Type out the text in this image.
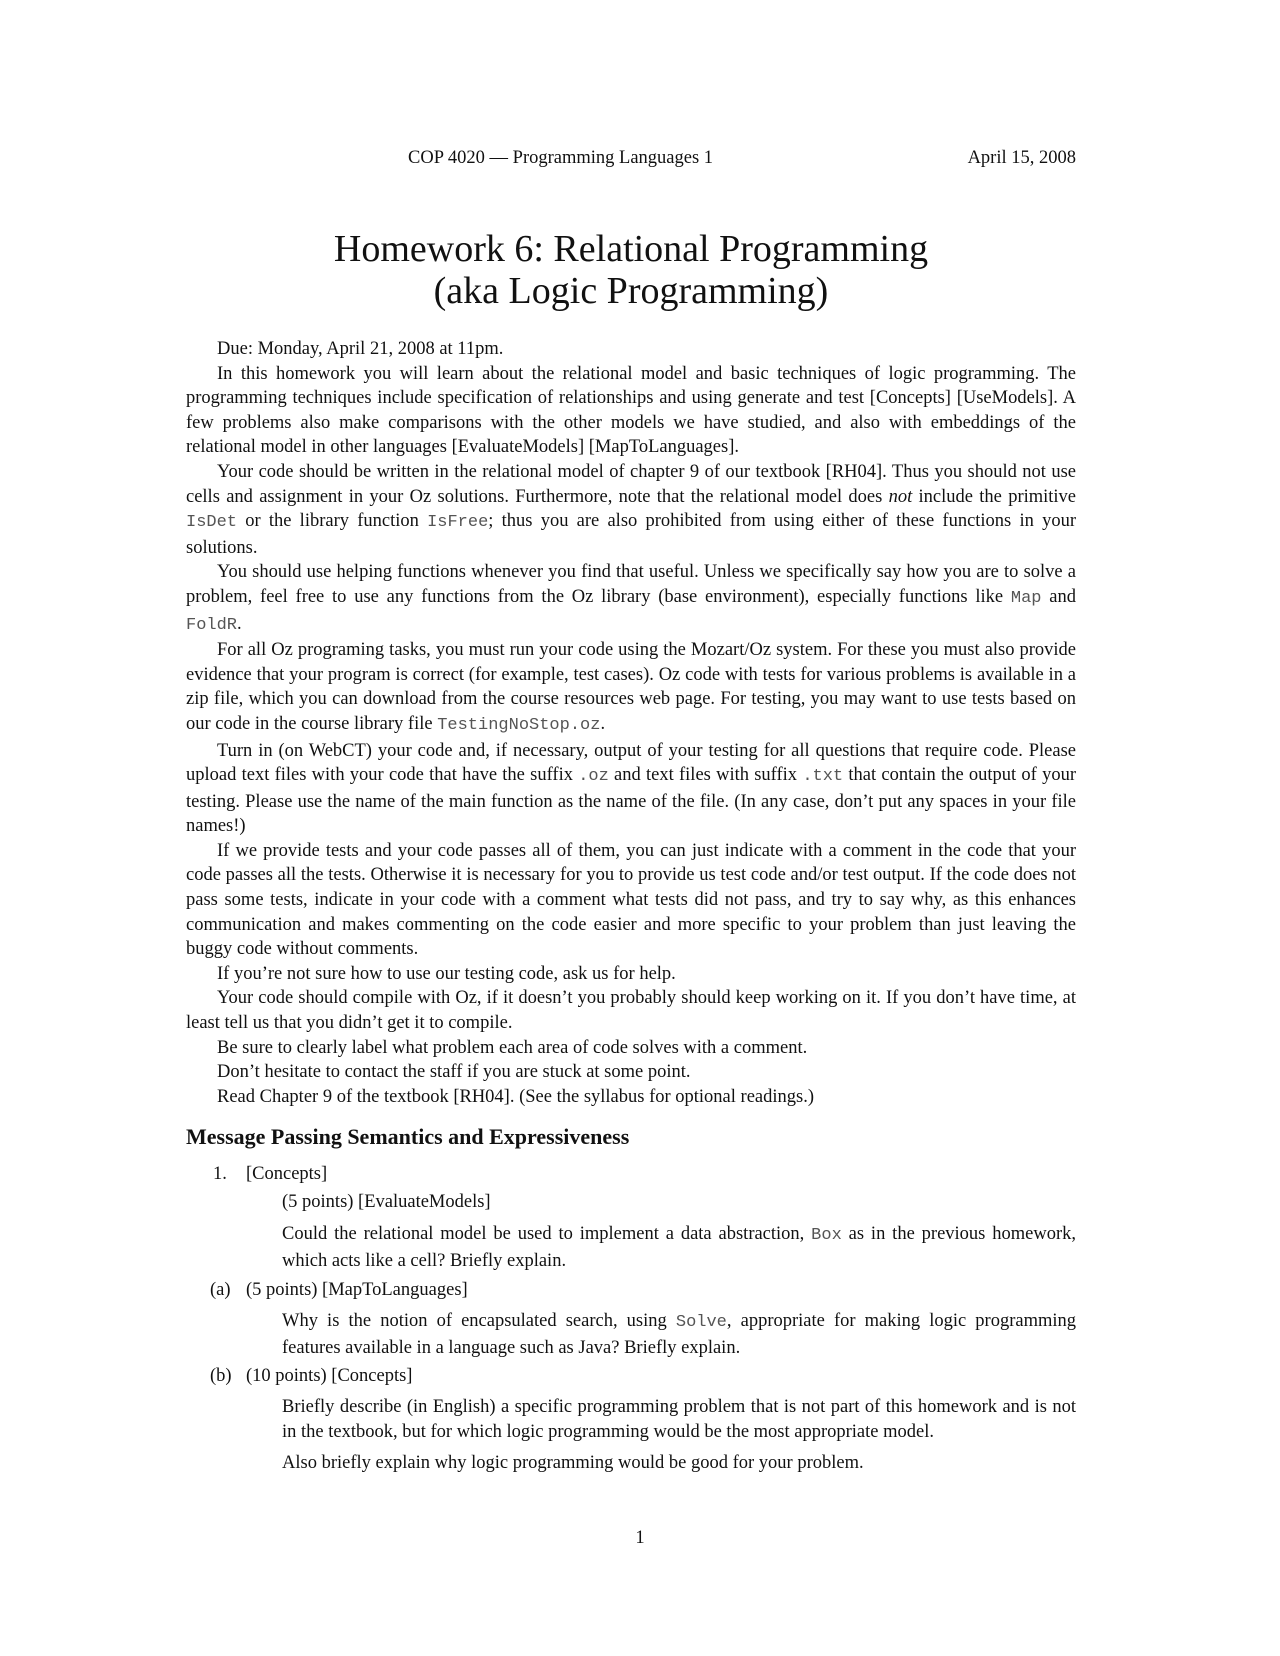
COP 4020 — Programming Languages 1	April 15, 2008
Homework 6: Relational Programming
(aka Logic Programming)

Due: Monday, April 21, 2008 at 11pm.

In this homework you will learn about the relational model and basic techniques of logic programming. The programming techniques include specification of relationships and using generate and test [Concepts] [UseModels]. A few problems also make comparisons with the other models we have studied, and also with embeddings of the relational model in other languages [EvaluateModels] [MapToLanguages].

Your code should be written in the relational model of chapter 9 of our textbook [RH04]. Thus you should not use cells and assignment in your Oz solutions. Furthermore, note that the relational model does not include the primitive IsDet or the library function IsFree; thus you are also prohibited from using either of these functions in your solutions.

You should use helping functions whenever you find that useful. Unless we specifically say how you are to solve a problem, feel free to use any functions from the Oz library (base environment), especially functions like Map and FoldR.

For all Oz programing tasks, you must run your code using the Mozart/Oz system. For these you must also provide evidence that your program is correct (for example, test cases). Oz code with tests for various problems is available in a zip file, which you can download from the course resources web page. For testing, you may want to use tests based on our code in the course library file TestingNoStop.oz.

Turn in (on WebCT) your code and, if necessary, output of your testing for all questions that require code. Please upload text files with your code that have the suffix .oz and text files with suffix .txt that contain the output of your testing. Please use the name of the main function as the name of the file. (In any case, don’t put any spaces in your file names!)

If we provide tests and your code passes all of them, you can just indicate with a comment in the code that your code passes all the tests. Otherwise it is necessary for you to provide us test code and/or test output. If the code does not pass some tests, indicate in your code with a comment what tests did not pass, and try to say why, as this enhances communication and makes commenting on the code easier and more specific to your problem than just leaving the buggy code without comments.

If you’re not sure how to use our testing code, ask us for help.

Your code should compile with Oz, if it doesn’t you probably should keep working on it. If you don’t have time, at least tell us that you didn’t get it to compile.

Be sure to clearly label what problem each area of code solves with a comment.

Don’t hesitate to contact the staff if you are stuck at some point.

Read Chapter 9 of the textbook [RH04]. (See the syllabus for optional readings.)

Message Passing Semantics and Expressiveness
1. [Concepts]
(5 points) [EvaluateModels]
Could the relational model be used to implement a data abstraction, Box as in the previous homework, which acts like a cell? Briefly explain.
(a) (5 points) [MapToLanguages]
Why is the notion of encapsulated search, using Solve, appropriate for making logic programming features available in a language such as Java? Briefly explain.
(b) (10 points) [Concepts]
Briefly describe (in English) a specific programming problem that is not part of this homework and is not in the textbook, but for which logic programming would be the most appropriate model.
Also briefly explain why logic programming would be good for your problem.
1
